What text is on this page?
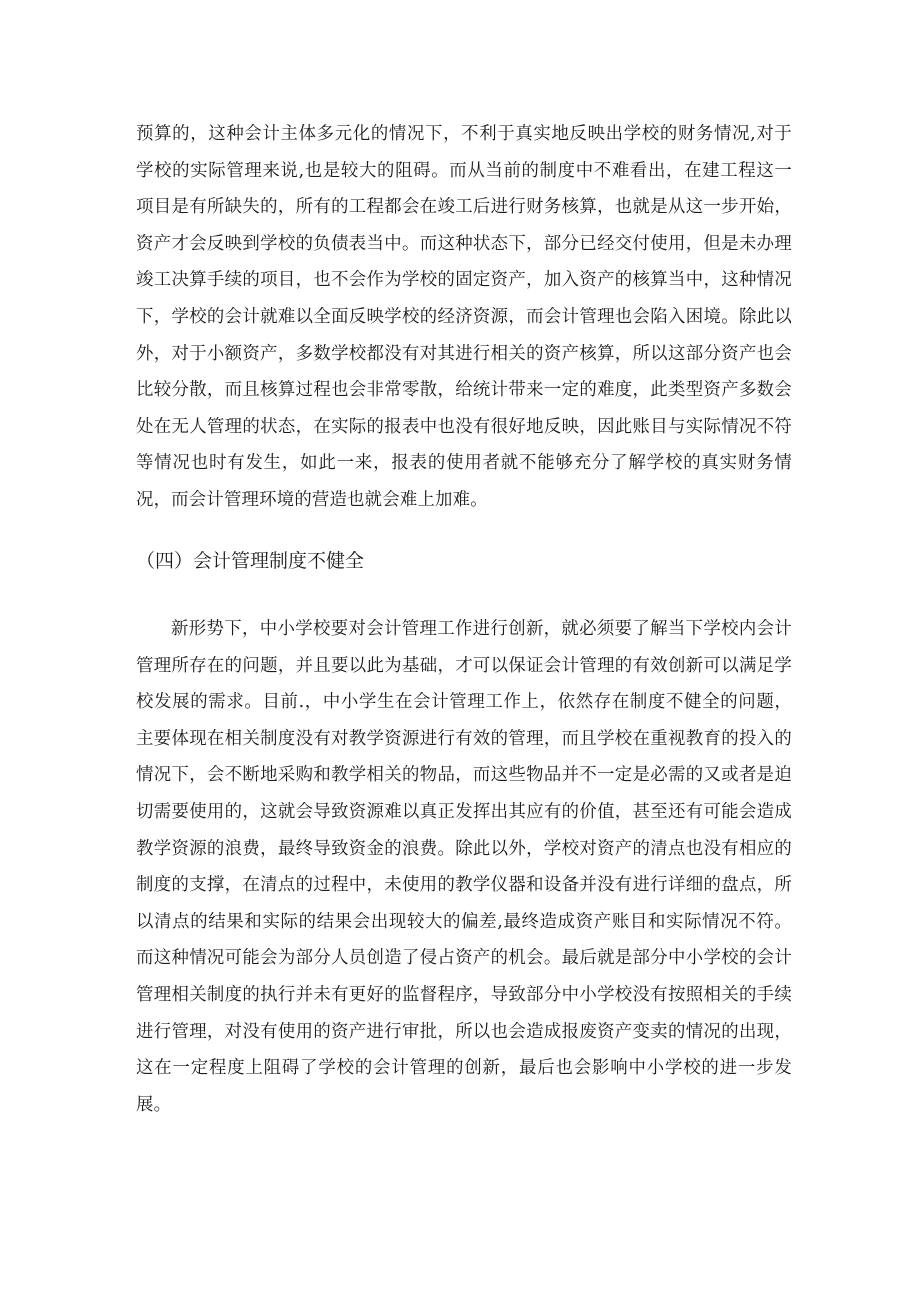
预算的，这种会计主体多元化的情况下，不利于真实地反映出学校的财务情况,对于学校的实际管理来说,也是较大的阻碍。而从当前的制度中不难看出，在建工程这一项目是有所缺失的，所有的工程都会在竣工后进行财务核算，也就是从这一步开始，资产才会反映到学校的负债表当中。而这种状态下，部分已经交付使用，但是未办理竣工决算手续的项目，也不会作为学校的固定资产，加入资产的核算当中，这种情况下，学校的会计就难以全面反映学校的经济资源，而会计管理也会陷入困境。除此以外，对于小额资产，多数学校都没有对其进行相关的资产核算，所以这部分资产也会比较分散，而且核算过程也会非常零散，给统计带来一定的难度，此类型资产多数会处在无人管理的状态，在实际的报表中也没有很好地反映，因此账目与实际情况不符等情况也时有发生，如此一来，报表的使用者就不能够充分了解学校的真实财务情况，而会计管理环境的营造也就会难上加难。

（四）会计管理制度不健全

新形势下，中小学校要对会计管理工作进行创新，就必须要了解当下学校内会计管理所存在的问题，并且要以此为基础，才可以保证会计管理的有效创新可以满足学校发展的需求。目前.，中小学生在会计管理工作上，依然存在制度不健全的问题，主要体现在相关制度没有对教学资源进行有效的管理，而且学校在重视教育的投入的情况下，会不断地采购和教学相关的物品，而这些物品并不一定是必需的又或者是迫切需要使用的，这就会导致资源难以真正发挥出其应有的价值，甚至还有可能会造成教学资源的浪费，最终导致资金的浪费。除此以外，学校对资产的清点也没有相应的制度的支撑，在清点的过程中，未使用的教学仪器和设备并没有进行详细的盘点，所以清点的结果和实际的结果会出现较大的偏差,最终造成资产账目和实际情况不符。而这种情况可能会为部分人员创造了侵占资产的机会。最后就是部分中小学校的会计管理相关制度的执行并未有更好的监督程序，导致部分中小学校没有按照相关的手续进行管理，对没有使用的资产进行审批，所以也会造成报废资产变卖的情况的出现，这在一定程度上阻碍了学校的会计管理的创新，最后也会影响中小学校的进一步发展。
